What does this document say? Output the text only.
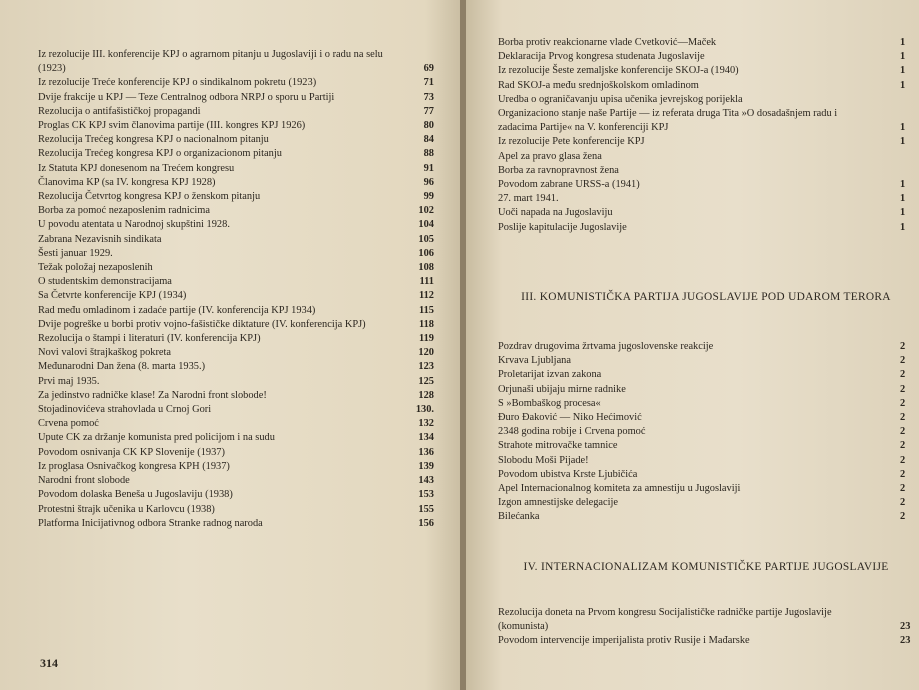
Iz rezolucije III. konferencije KPJ o agrarnom pitanju u Jugoslaviji i o radu na selu (1923)	69
Iz rezolucije Treće konferencije KPJ o sindikalnom pokretu (1923)	71
Dvije frakcije u KPJ — Teze Centralnog odbora NRPJ o sporu u Partiji	73
Rezolucija o antifašističkoj propagandi	77
Proglas CK KPJ svim članovima partije (III. kongres KPJ 1926)	80
Rezolucija Trećeg kongresa KPJ o nacionalnom pitanju	84
Rezolucija Trećeg kongresa KPJ o organizacionom pitanju	88
Iz Statuta KPJ donesenom na Trećem kongresu	91
Članovima KP (sa IV. kongresa KPJ 1928)	96
Rezolucija Četvrtog kongresa KPJ o ženskom pitanju	99
Borba za pomoć nezaposlenim radnicima	102
U povodu atentata u Narodnoj skupštini 1928.	104
Zabrana Nezavisnih sindikata	105
Šesti januar 1929.	106
Težak položaj nezaposlenih	108
O studentskim demonstracijama	111
Sa Četvrte konferencije KPJ (1934)	112
Rad među omladinom i zadaće partije (IV. konferencija KPJ 1934)	115
Dvije pogreške u borbi protiv vojno-fašističke diktature (IV. konferencija KPJ)	118
Rezolucija o štampi i literaturi (IV. konferencija KPJ)	119
Novi valovi štrajkaškog pokreta	120
Međunarodni Dan žena (8. marta 1935.)	123
Prvi maj 1935.	125
Za jedinstvo radničke klase! Za Narodni front slobode!	128
Stojadinovićeva strahovlada u Crnoj Gori	130.
Crvena pomoć	132
Upute CK za držanje komunista pred policijom i na sudu	134
Povodom osnivanja CK KP Slovenije (1937)	136
Iz proglasa Osnivačkog kongresa KPH (1937)	139
Narodni front slobode	143
Povodom dolaska Beneša u Jugoslaviju (1938)	153
Protestni štrajk učenika u Karlovcu (1938)	155
Platforma Inicijativnog odbora Stranke radnog naroda	156
314
Borba protiv reakcionarne vlade Cvetković—Maček	1
Deklaracija Prvog kongresa studenata Jugoslavije	1
Iz rezolucije Šeste zemaljske konferencije SKOJ-a (1940)	1
Rad SKOJ-a među srednjoškolskom omladinom	1
Uredba o ograničavanju upisa učenika jevrejskog porijekla
Organizaciono stanje naše Partije — iz referata druga Tita »O dosadašnjem radu i zadacima Partije« na V. konferenciji KPJ	1
Iz rezolucije Pete konferencije KPJ	1
Apel za pravo glasa žena
Borba za ravnopravnost žena
Povodom zabrane URSS-a (1941)	1
27. mart 1941.	1
Uoči napada na Jugoslaviju	1
Poslije kapitulacije Jugoslavije	1
III. KOMUNISTIČKA PARTIJA JUGOSLAVIJE POD UDAROM TERORA
Pozdrav drugovima žrtvama jugoslovenske reakcije	2
Krvava Ljubljana	2
Proletarijat izvan zakona	2
Orjunaši ubijaju mirne radnike	2
S »Bombaškog procesa«	2
Đuro Đaković — Niko Hećimović	2
2348 godina robije i Crvena pomoć	2
Strahote mitrovačke tamnice	2
Slobodu Moši Pijade!	2
Povodom ubistva Krste Ljubičića	2
Apel Internacionalnog komiteta za amnestiju u Jugoslaviji	2
Izgon amnestijske delegacije	2
Bilećanka	2
IV. INTERNACIONALIZAM KOMUNISTIČKE PARTIJE JUGOSLAVIJE
Rezolucija doneta na Prvom kongresu Socijalističke radničke partije Jugoslavije (komunista)	23
Povodom intervencije imperijalista protiv Rusije i Mađarske	23
